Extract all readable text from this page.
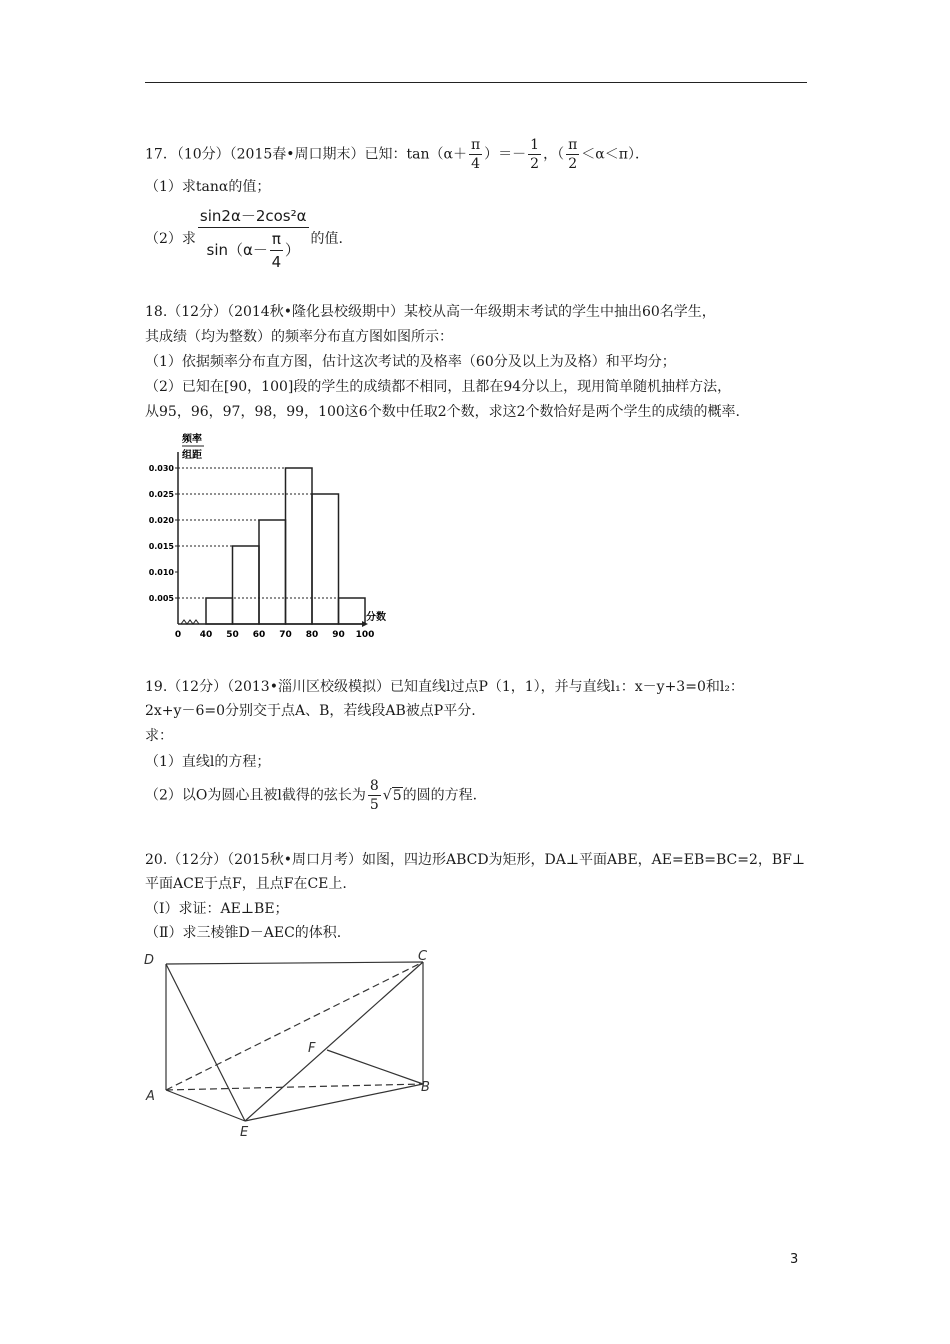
17．（10分）（2015春•周口期末）已知：$\tan(\alpha+ \frac{\pi}{4}$ ）＝－ $\frac{1}{2}$ ，（ $\frac{\pi}{2} <\alpha<\pi$）．
（1）求tanα的值；
（2）求 $\frac{\text{sin2α－2cos²α}}{\sin(\alpha- \frac{\pi}{4} )}$ 的值.
18.（12分）（2014秋•隆化县校级期中）某校从高一年级期末考试的学生中抽出60名学生，
其成绩（均为整数）的频率分布直方图如图所示：
（1）依据频率分布直方图，估计这次考试的及格率（60分及以上为及格）和平均分；
（2）已知在[90，100]段的学生的成绩都不相同，且都在94分以上，现用简单随机抽样方法，
从95，96，97，98，99，100这6个数中任取2个数，求这2个数恰好是两个学生的成绩的概率.
频率
组距
分数
0.005
0.010
0.015
0.020
0.025
0.030
0 40 50 60 70 80 90 100
19.（12分）（2013•淄川区校级模拟）已知直线l过点P（1，1），并与直线l₁：x－y+3=0和l₂：
2x+y－6=0分别交于点A、B，若线段AB被点P平分.
求：
（1）直线l的方程；
（2）以O为圆心且被l截得的弦长为 $\frac{8}{5} √5$的圆的方程.
20.（12分）（2015秋•周口月考）如图，四边形ABCD为矩形，DA⊥平面ABE，AE=EB=BC=2，BF⊥
平面ACE于点F，且点F在CE上.
（Ⅰ）求证：AE⊥BE；
（Ⅱ）求三棱锥D－AEC的体积.
D	C
F
A
B
E
3
